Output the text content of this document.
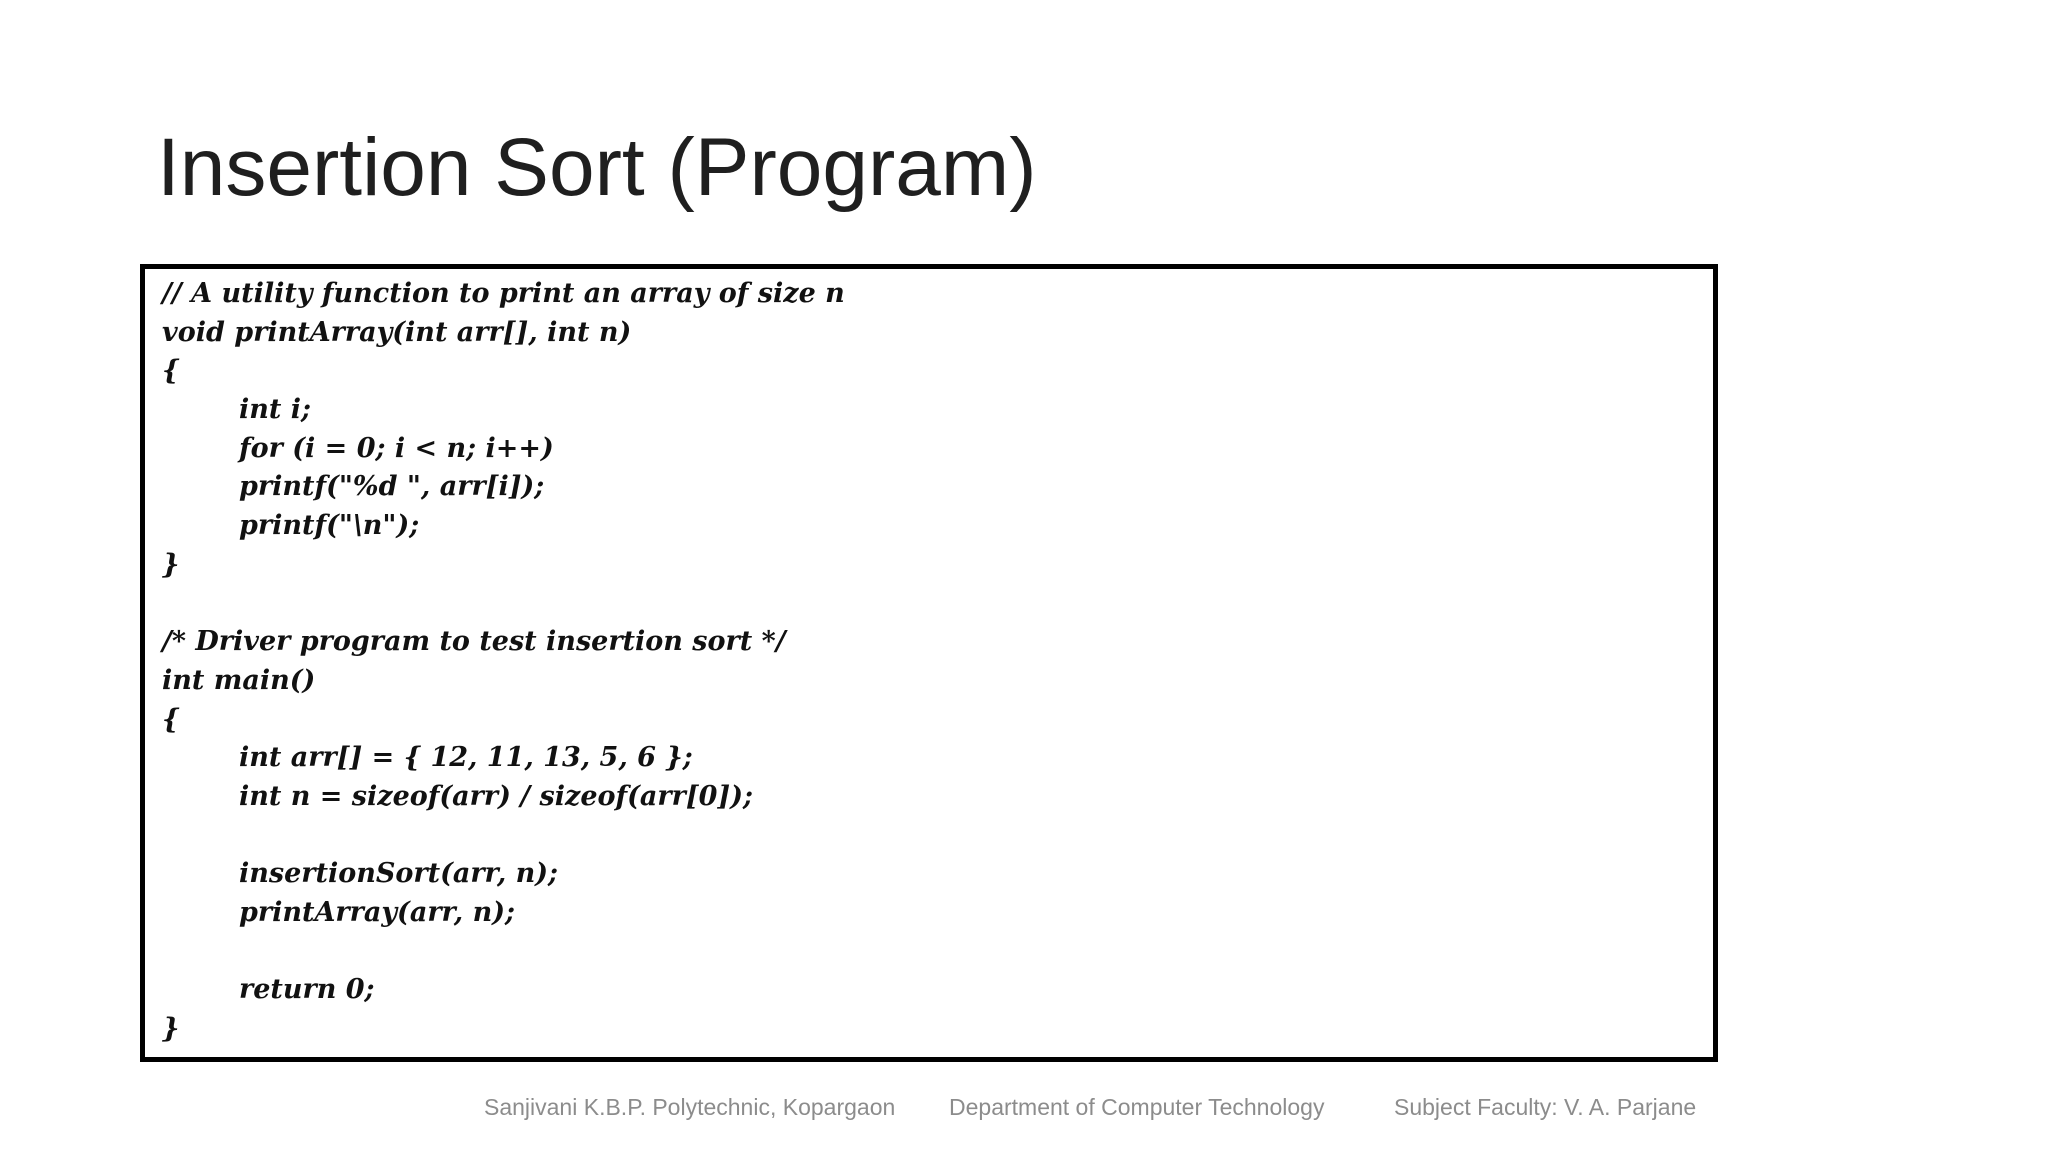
Insertion Sort (Program)
// A utility function to print an array of size n
void printArray(int arr[], int n)
{
int i;
for (i = 0; i < n; i++)
printf("%d ", arr[i]);
printf("\n");
}
/* Driver program to test insertion sort */
int main()
{
int arr[] = { 12, 11, 13, 5, 6 };
int n = sizeof(arr) / sizeof(arr[0]);
insertionSort(arr, n);
printArray(arr, n);
return 0;
}
Sanjivani K.B.P. Polytechnic, Kopargaon Department of Computer Technology	Subject Faculty: V. A. Parjane
